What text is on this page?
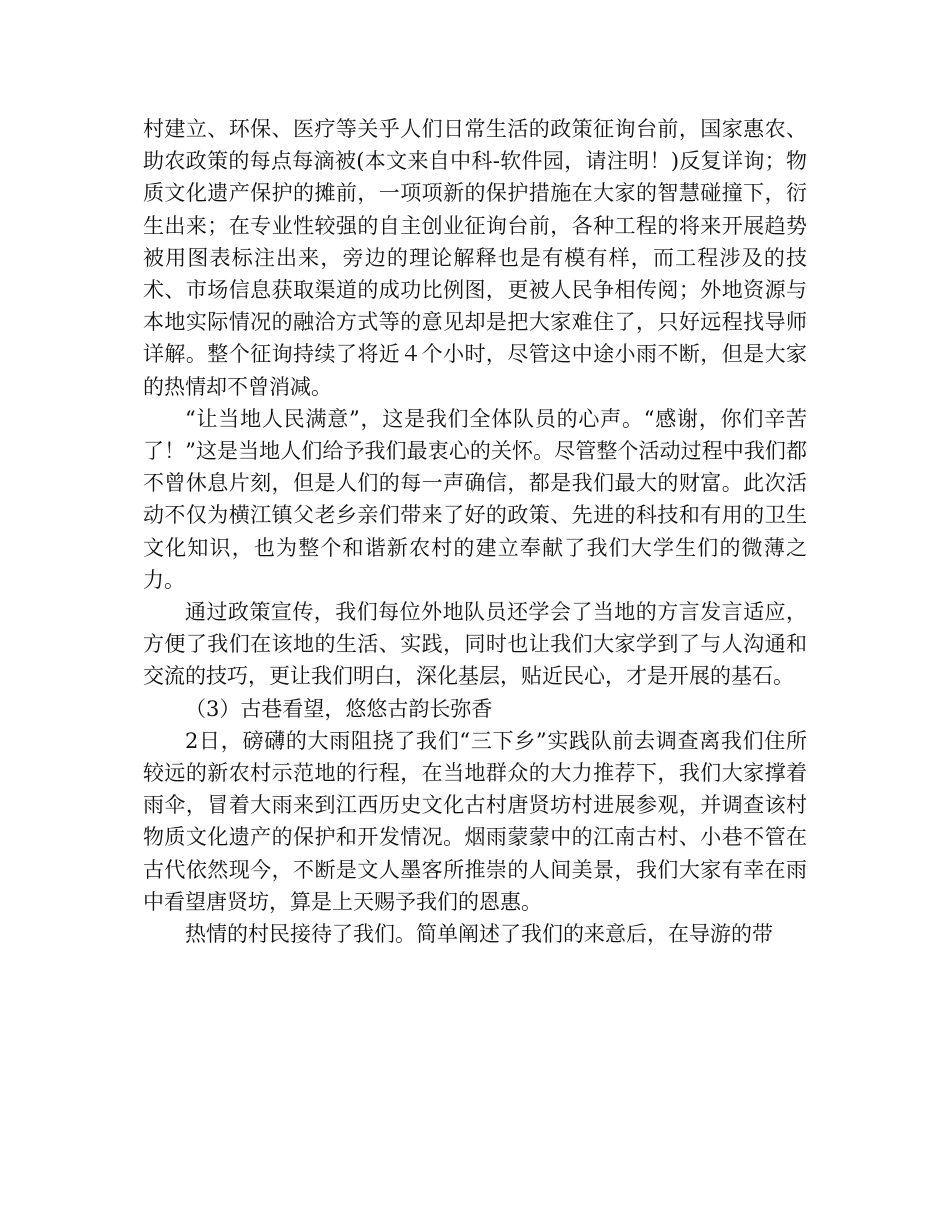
村建立、环保、医疗等关乎人们日常生活的政策征询台前，国家惠农、助农政策的每点每滴被(本文来自中科-软件园，请注明！)反复详询；物质文化遗产保护的摊前，一项项新的保护措施在大家的智慧碰撞下，衍生出来；在专业性较强的自主创业征询台前，各种工程的将来开展趋势被用图表标注出来，旁边的理论解释也是有模有样，而工程涉及的技术、市场信息获取渠道的成功比例图，更被人民争相传阅；外地资源与本地实际情况的融洽方式等的意见却是把大家难住了，只好远程找导师详解。整个征询持续了将近４个小时，尽管这中途小雨不断，但是大家的热情却不曾消减。

“让当地人民满意”，这是我们全体队员的心声。“感谢，你们辛苦了！”这是当地人们给予我们最衷心的关怀。尽管整个活动过程中我们都不曾休息片刻，但是人们的每一声确信，都是我们最大的财富。此次活动不仅为横江镇父老乡亲们带来了好的政策、先进的科技和有用的卫生文化知识，也为整个和谐新农村的建立奉献了我们大学生们的微薄之力。

通过政策宣传，我们每位外地队员还学会了当地的方言发言适应，方便了我们在该地的生活、实践，同时也让我们大家学到了与人沟通和交流的技巧，更让我们明白，深化基层，贴近民心，才是开展的基石。

（3）古巷看望，悠悠古韵长弥香

2日，磅礴的大雨阻挠了我们“三下乡”实践队前去调查离我们住所较远的新农村示范地的行程，在当地群众的大力推荐下，我们大家撑着雨伞，冒着大雨来到江西历史文化古村唐贤坊村进展参观，并调查该村物质文化遗产的保护和开发情况。烟雨蒙蒙中的江南古村、小巷不管在古代依然现今，不断是文人墨客所推崇的人间美景，我们大家有幸在雨中看望唐贤坊，算是上天赐予我们的恩惠。

热情的村民接待了我们。简单阐述了我们的来意后，在导游的带
